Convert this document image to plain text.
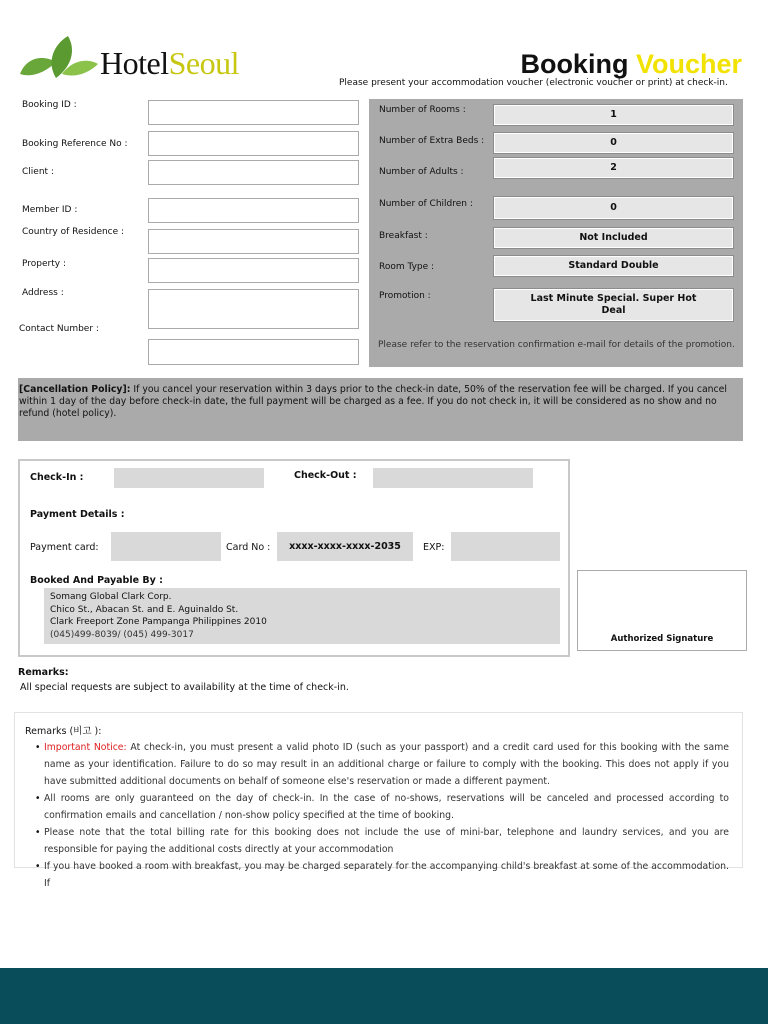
HotelSeoul	Booking Voucher
Please present your accommodation voucher (electronic voucher or print) at check-in.
Booking ID :
Booking Reference No :
Client :
Member ID :
Country of Residence :
Property :
Address :
Contact Number :
Number of Rooms :	1
Number of Extra Beds :	0
Number of Adults :	2
Number of Children :	0
Breakfast :	Not Included
Room Type :	Standard Double
Promotion :	Last Minute Special. Super Hot Deal
Please refer to the reservation confirmation e-mail for details of the promotion.
[Cancellation Policy]: If you cancel your reservation within 3 days prior to the check-in date, 50% of the reservation fee will be charged. If you cancel within 1 day of the day before check-in date, the full payment will be charged as a fee. If you do not check in, it will be considered as no show and no refund (hotel policy).
Check-In :	Check-Out :
Payment Details :
Payment card:	Card No :	xxxx-xxxx-xxxx-2035	EXP:
Booked And Payable By :
Somang Global Clark Corp.
Chico St., Abacan St. and E. Aguinaldo St.
Clark Freeport Zone Pampanga Philippines 2010
(045)499-8039/ (045) 499-3017	Authorized Signature
Remarks:
All special requests are subject to availability at the time of check-in.
Remarks (비고 ):
• Important Notice: At check-in, you must present a valid photo ID (such as your passport) and a credit card used for this booking with the same name as your identification. Failure to do so may result in an additional charge or failure to comply with the booking. This does not apply if you have submitted additional documents on behalf of someone else's reservation or made a different payment.
• All rooms are only guaranteed on the day of check-in. In the case of no-shows, reservations will be canceled and processed according to confirmation emails and cancellation / non-show policy specified at the time of booking.
• Please note that the total billing rate for this booking does not include the use of mini-bar, telephone and laundry services, and you are responsible for paying the additional costs directly at your accommodation
• If you have booked a room with breakfast, you may be charged separately for the accompanying child's breakfast at some of the accommodation. If
